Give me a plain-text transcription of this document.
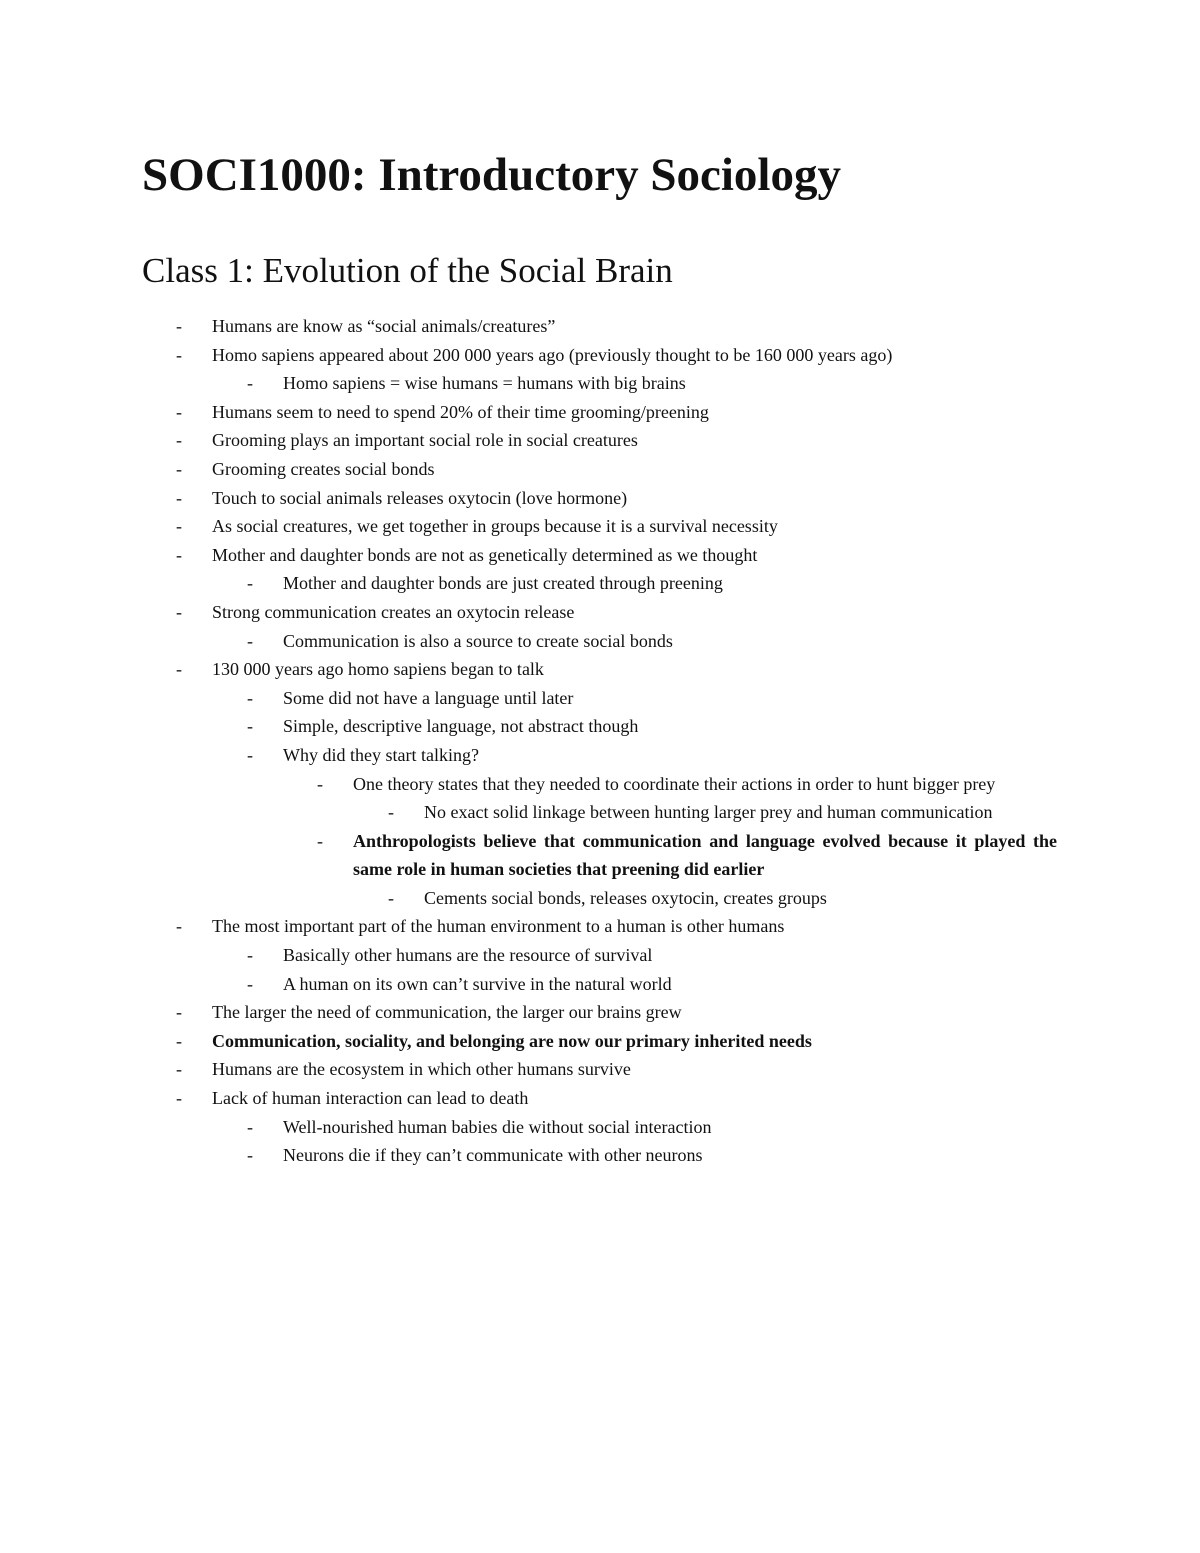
SOCI1000: Introductory Sociology
Class 1: Evolution of the Social Brain
- Humans are know as “social animals/creatures”
- Homo sapiens appeared about 200 000 years ago (previously thought to be 160 000 years ago)
- Homo sapiens = wise humans = humans with big brains
- Humans seem to need to spend 20% of their time grooming/preening
- Grooming plays an important social role in social creatures
- Grooming creates social bonds
- Touch to social animals releases oxytocin (love hormone)
- As social creatures, we get together in groups because it is a survival necessity
- Mother and daughter bonds are not as genetically determined as we thought
- Mother and daughter bonds are just created through preening
- Strong communication creates an oxytocin release
- Communication is also a source to create social bonds
- 130 000 years ago homo sapiens began to talk
- Some did not have a language until later
- Simple, descriptive language, not abstract though
- Why did they start talking?
- One theory states that they needed to coordinate their actions in order to hunt bigger prey
- No exact solid linkage between hunting larger prey and human communication
- Anthropologists believe that communication and language evolved because it played the same role in human societies that preening did earlier
- Cements social bonds, releases oxytocin, creates groups
- The most important part of the human environment to a human is other humans
- Basically other humans are the resource of survival
- A human on its own can’t survive in the natural world
- The larger the need of communication, the larger our brains grew
- Communication, sociality, and belonging are now our primary inherited needs
- Humans are the ecosystem in which other humans survive
- Lack of human interaction can lead to death
- Well-nourished human babies die without social interaction
- Neurons die if they can’t communicate with other neurons
